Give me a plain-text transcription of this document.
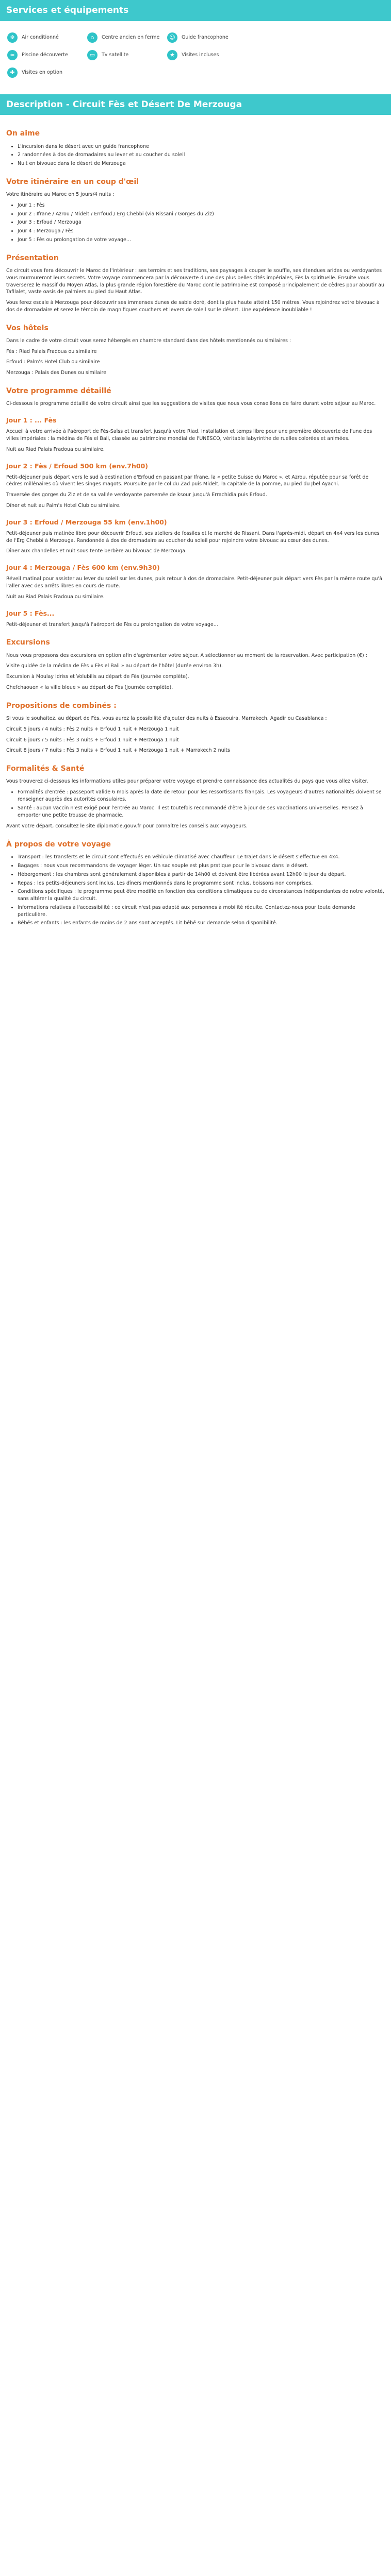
Services et équipements
❄	Air conditionné	⌂	Centre ancien en ferme	☺	Guide francophone
≈	Piscine découverte	▭	Tv satellite	★	Visites incluses
✚	Visites en option
Description - Circuit Fès et Désert De Merzouga
On aime
• L'incursion dans le désert avec un guide francophone
• 2 randonnées à dos de dromadaires au lever et au coucher du soleil
• Nuit en bivouac dans le désert de Merzouga
Votre itinéraire en un coup d'œil

Votre itinéraire au Maroc en 5 jours/4 nuits :

• Jour 1 : Fès
• Jour 2 : Ifrane / Azrou / Midelt / Errfoud / Erg Chebbi (via Rissani / Gorges du Ziz)
• Jour 3 : Erfoud / Merzouga
• Jour 4 : Merzouga / Fès
• Jour 5 : Fès ou prolongation de votre voyage...
Présentation

Ce circuit vous fera découvrir le Maroc de l'intérieur : ses terroirs et ses traditions, ses paysages à couper le souffle, ses étendues arides ou verdoyantes vous murmureront leurs secrets. Votre voyage commencera par la découverte d'une des plus belles cités impériales, Fès la spirituelle. Ensuite vous traverserez le massif du Moyen Atlas, la plus grande région forestière du Maroc dont le patrimoine est composé principalement de cèdres pour aboutir au Tafilalet, vaste oasis de palmiers au pied du Haut Atlas.

Vous ferez escale à Merzouga pour découvrir ses immenses dunes de sable doré, dont la plus haute atteint 150 mètres. Vous rejoindrez votre bivouac à dos de dromadaire et serez le témoin de magnifiques couchers et levers de soleil sur le désert. Une expérience inoubliable !

Vos hôtels

Dans le cadre de votre circuit vous serez hébergés en chambre standard dans des hôtels mentionnés ou similaires :

Fès : Riad Palais Fradoua ou similaire

Erfoud : Palm's Hotel Club ou similaire

Merzouga : Palais des Dunes ou similaire

Votre programme détaillé

Ci-dessous le programme détaillé de votre circuit ainsi que les suggestions de visites que nous vous conseillons de faire durant votre séjour au Maroc.

Jour 1 : ... Fès

Accueil à votre arrivée à l'aéroport de Fès-Saïss et transfert jusqu'à votre Riad. Installation et temps libre pour une première découverte de l'une des villes impériales : la médina de Fès el Bali, classée au patrimoine mondial de l'UNESCO, véritable labyrinthe de ruelles colorées et animées.

Nuit au Riad Palais Fradoua ou similaire.

Jour 2 : Fès / Erfoud 500 km (env.7h00)

Petit-déjeuner puis départ vers le sud à destination d'Erfoud en passant par Ifrane, la « petite Suisse du Maroc », et Azrou, réputée pour sa forêt de cèdres millénaires où vivent les singes magots. Poursuite par le col du Zad puis Midelt, la capitale de la pomme, au pied du Jbel Ayachi.

Traversée des gorges du Ziz et de sa vallée verdoyante parsemée de ksour jusqu'à Errachidia puis Erfoud.

Dîner et nuit au Palm's Hotel Club ou similaire.

Jour 3 : Erfoud / Merzouga 55 km (env.1h00)

Petit-déjeuner puis matinée libre pour découvrir Erfoud, ses ateliers de fossiles et le marché de Rissani. Dans l'après-midi, départ en 4x4 vers les dunes de l'Erg Chebbi à Merzouga. Randonnée à dos de dromadaire au coucher du soleil pour rejoindre votre bivouac au cœur des dunes.

Dîner aux chandelles et nuit sous tente berbère au bivouac de Merzouga.

Jour 4 : Merzouga / Fès 600 km (env.9h30)

Réveil matinal pour assister au lever du soleil sur les dunes, puis retour à dos de dromadaire. Petit-déjeuner puis départ vers Fès par la même route qu'à l'aller avec des arrêts libres en cours de route.

Nuit au Riad Palais Fradoua ou similaire.

Jour 5 : Fès...

Petit-déjeuner et transfert jusqu'à l'aéroport de Fès ou prolongation de votre voyage...

Excursions

Nous vous proposons des excursions en option afin d'agrémenter votre séjour. A sélectionner au moment de la réservation. Avec participation (€) :

Visite guidée de la médina de Fès « Fès el Bali » au départ de l'hôtel (durée environ 3h).

Excursion à Moulay Idriss et Volubilis au départ de Fès (journée complète).

Chefchaouen « la ville bleue » au départ de Fès (journée complète).

Propositions de combinés :

Si vous le souhaitez, au départ de Fès, vous aurez la possibilité d'ajouter des nuits à Essaouira, Marrakech, Agadir ou Casablanca :

Circuit 5 jours / 4 nuits : Fès 2 nuits + Erfoud 1 nuit + Merzouga 1 nuit

Circuit 6 jours / 5 nuits : Fès 3 nuits + Erfoud 1 nuit + Merzouga 1 nuit

Circuit 8 jours / 7 nuits : Fès 3 nuits + Erfoud 1 nuit + Merzouga 1 nuit + Marrakech 2 nuits

Formalités & Santé

Vous trouverez ci-dessous les informations utiles pour préparer votre voyage et prendre connaissance des actualités du pays que vous allez visiter.

• Formalités d'entrée : passeport valide 6 mois après la date de retour pour les ressortissants français. Les voyageurs d'autres nationalités doivent se renseigner auprès des autorités consulaires.
• Santé : aucun vaccin n'est exigé pour l'entrée au Maroc. Il est toutefois recommandé d'être à jour de ses vaccinations universelles. Pensez à emporter une petite trousse de pharmacie.

Avant votre départ, consultez le site diplomatie.gouv.fr pour connaître les conseils aux voyageurs.

À propos de votre voyage
• Transport : les transferts et le circuit sont effectués en véhicule climatisé avec chauffeur. Le trajet dans le désert s'effectue en 4x4.
• Bagages : nous vous recommandons de voyager léger. Un sac souple est plus pratique pour le bivouac dans le désert.
• Hébergement : les chambres sont généralement disponibles à partir de 14h00 et doivent être libérées avant 12h00 le jour du départ.
• Repas : les petits-déjeuners sont inclus. Les dîners mentionnés dans le programme sont inclus, boissons non comprises.
• Conditions spécifiques : le programme peut être modifié en fonction des conditions climatiques ou de circonstances indépendantes de notre volonté, sans altérer la qualité du circuit.
• Informations relatives à l'accessibilité : ce circuit n'est pas adapté aux personnes à mobilité réduite. Contactez-nous pour toute demande particulière.
• Bébés et enfants : les enfants de moins de 2 ans sont acceptés. Lit bébé sur demande selon disponibilité.
